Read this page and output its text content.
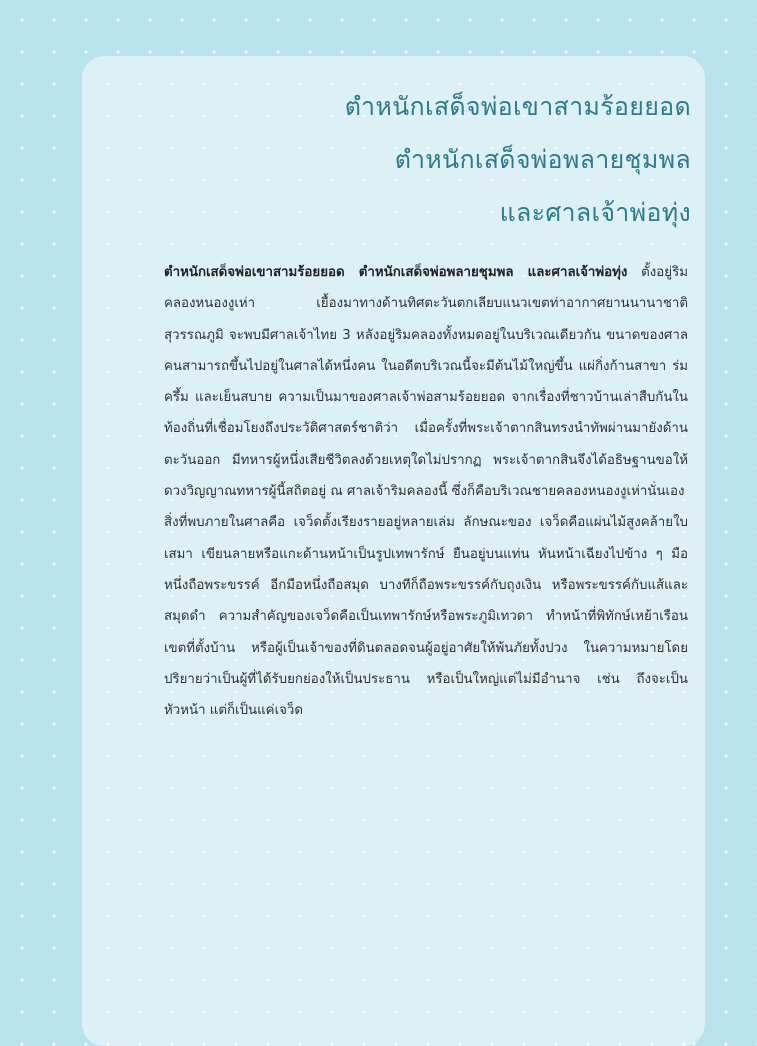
ตำหนักเสด็จพ่อเขาสามร้อยยอด
ตำหนักเสด็จพ่อพลายชุมพล
และศาลเจ้าพ่อทุ่ง

ตำหนักเสด็จพ่อเขาสามร้อยยอด ตำหนักเสด็จพ่อพลายชุมพล และศาลเจ้าพ่อทุ่ง ตั้งอยู่ริมคลองหนองงูเห่า เยื้องมาทางด้านทิศตะวันตกเลียบแนวเขตท่าอากาศยานนานาชาติสุวรรณภูมิ จะพบมีศาลเจ้าไทย 3 หลังอยู่ริมคลองทั้งหมดอยู่ในบริเวณเดียวกัน ขนาดของศาลคนสามารถขึ้นไปอยู่ในศาลได้หนึ่งคน ในอดีตบริเวณนี้จะมีต้นไม้ใหญ่ขึ้น แผ่กิ่งก้านสาขา ร่มครึ้ม และเย็นสบาย ความเป็นมาของศาลเจ้าพ่อสามร้อยยอด จากเรื่องที่ชาวบ้านเล่าสืบกันในท้องถิ่นที่เชื่อมโยงถึงประวัติศาสตร์ชาติว่า เมื่อครั้งที่พระเจ้าตากสินทรงนำทัพผ่านมายังด้านตะวันออก มีทหารผู้หนึ่งเสียชีวิตลงด้วยเหตุใดไม่ปรากฏ พระเจ้าตากสินจึงได้อธิษฐานขอให้ดวงวิญญาณทหารผู้นี้สถิตอยู่ ณ ศาลเจ้าริมคลองนี้ ซึ่งก็คือบริเวณชายคลองหนองงูเห่านั่นเอง

สิ่งที่พบภายในศาลคือ เจว็ดตั้งเรียงรายอยู่หลายเล่ม ลักษณะของ เจว็ดคือแผ่นไม้สูงคล้ายใบเสมา เขียนลายหรือแกะด้านหน้าเป็นรูปเทพารักษ์ ยืนอยู่บนแท่น หันหน้าเฉียงไปข้าง ๆ มือหนึ่งถือพระขรรค์ อีกมือหนึ่งถือสมุด บางทีก็ถือพระขรรค์กับถุงเงิน หรือพระขรรค์กับแส้และสมุดดำ ความสำคัญของเจว็ดคือเป็นเทพารักษ์หรือพระภูมิเทวดา ทำหน้าที่พิทักษ์เหย้าเรือน เขตที่ตั้งบ้าน หรือผู้เป็นเจ้าของที่ดินตลอดจนผู้อยู่อาศัยให้พ้นภัยทั้งปวง ในความหมายโดยปริยายว่าเป็นผู้ที่ได้รับยกย่องให้เป็นประธาน หรือเป็นใหญ่แต่ไม่มีอำนาจ เช่น ถึงจะเป็นหัวหน้า แต่ก็เป็นแค่เจว็ด
